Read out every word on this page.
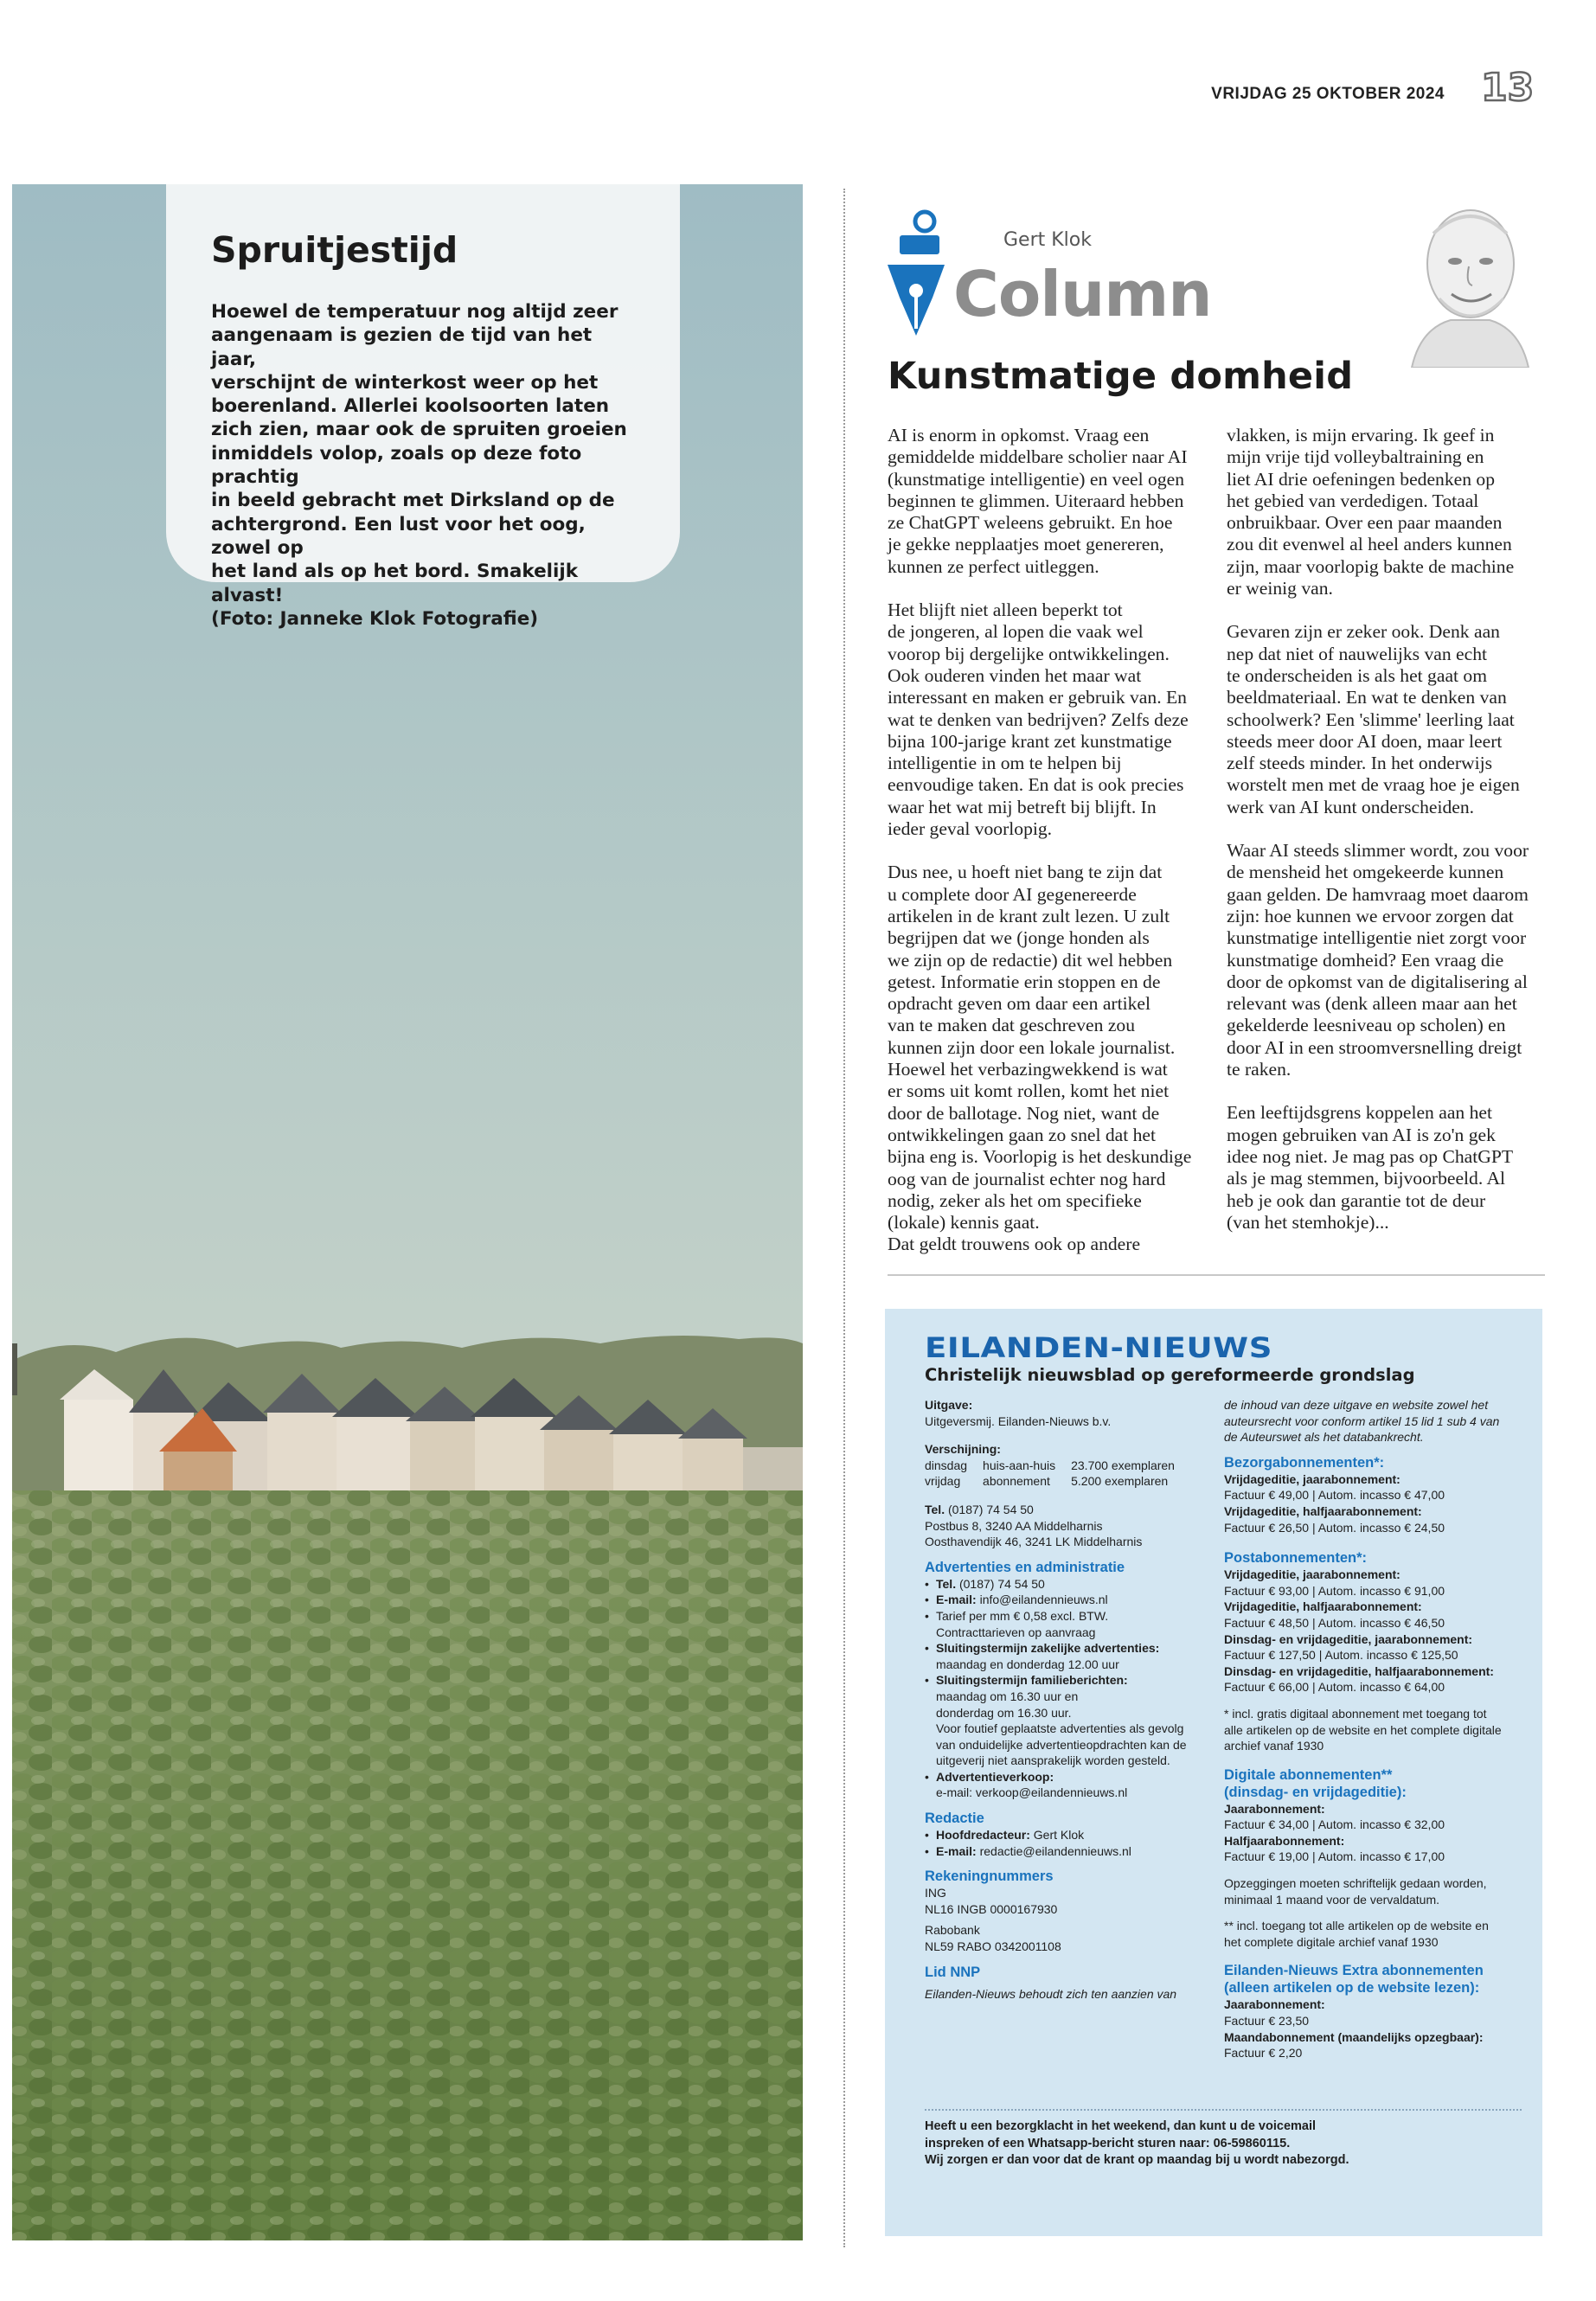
VRIJDAG 25 OKTOBER 2024 13
Spruitjestijd
Hoewel de temperatuur nog altijd zeer
aangenaam is gezien de tijd van het jaar,
verschijnt de winterkost weer op het
boerenland. Allerlei koolsoorten laten
zich zien, maar ook de spruiten groeien
inmiddels volop, zoals op deze foto prachtig
in beeld gebracht met Dirksland op de
achtergrond. Een lust voor het oog, zowel op
het land als op het bord. Smakelijk alvast!
(Foto: Janneke Klok Fotografie)
Gert Klok
Column
Kunstmatige domheid

AI is enorm in opkomst. Vraag een
gemiddelde middelbare scholier naar AI
(kunstmatige intelligentie) en veel ogen
beginnen te glimmen. Uiteraard hebben
ze ChatGPT weleens gebruikt. En hoe
je gekke nepplaatjes moet genereren,
kunnen ze perfect uitleggen.

Het blijft niet alleen beperkt tot
de jongeren, al lopen die vaak wel
voorop bij dergelijke ontwikkelingen.
Ook ouderen vinden het maar wat
interessant en maken er gebruik van. En
wat te denken van bedrijven? Zelfs deze
bijna 100-jarige krant zet kunstmatige
intelligentie in om te helpen bij
eenvoudige taken. En dat is ook precies
waar het wat mij betreft bij blijft. In
ieder geval voorlopig.

Dus nee, u hoeft niet bang te zijn dat
u complete door AI gegenereerde
artikelen in de krant zult lezen. U zult
begrijpen dat we (jonge honden als
we zijn op de redactie) dit wel hebben
getest. Informatie erin stoppen en de
opdracht geven om daar een artikel
van te maken dat geschreven zou
kunnen zijn door een lokale journalist.
Hoewel het verbazingwekkend is wat
er soms uit komt rollen, komt het niet
door de ballotage. Nog niet, want de
ontwikkelingen gaan zo snel dat het
bijna eng is. Voorlopig is het deskundige
oog van de journalist echter nog hard
nodig, zeker als het om specifieke
(lokale) kennis gaat.
Dat geldt trouwens ook op andere

vlakken, is mijn ervaring. Ik geef in
mijn vrije tijd volleybaltraining en
liet AI drie oefeningen bedenken op
het gebied van verdedigen. Totaal
onbruikbaar. Over een paar maanden
zou dit evenwel al heel anders kunnen
zijn, maar voorlopig bakte de machine
er weinig van.

Gevaren zijn er zeker ook. Denk aan
nep dat niet of nauwelijks van echt
te onderscheiden is als het gaat om
beeldmateriaal. En wat te denken van
schoolwerk? Een 'slimme' leerling laat
steeds meer door AI doen, maar leert
zelf steeds minder. In het onderwijs
worstelt men met de vraag hoe je eigen
werk van AI kunt onderscheiden.

Waar AI steeds slimmer wordt, zou voor
de mensheid het omgekeerde kunnen
gaan gelden. De hamvraag moet daarom
zijn: hoe kunnen we ervoor zorgen dat
kunstmatige intelligentie niet zorgt voor
kunstmatige domheid? Een vraag die
door de opkomst van de digitalisering al
relevant was (denk alleen maar aan het
gekelderde leesniveau op scholen) en
door AI in een stroomversnelling dreigt
te raken.

Een leeftijdsgrens koppelen aan het
mogen gebruiken van AI is zo'n gek
idee nog niet. Je mag pas op ChatGPT
als je mag stemmen, bijvoorbeeld. Al
heb je ook dan garantie tot de deur
(van het stemhokje)...

EILANDEN-NIEUWS
Christelijk nieuwsblad op gereformeerde grondslag
Uitgave:
Uitgeversmij. Eilanden-Nieuws b.v.
Verschijning:
dinsdag	huis-aan-huis	23.700 exemplaren
vrijdag	abonnement	5.200 exemplaren
Tel. (0187) 74 54 50
Postbus 8, 3240 AA Middelharnis
Oosthavendijk 46, 3241 LK Middelharnis
Advertenties en administratie
• Tel. (0187) 74 54 50
• E-mail: info@eilandennieuws.nl
• Tarief per mm € 0,58 excl. BTW.
Contracttarieven op aanvraag
• Sluitingstermijn zakelijke advertenties:
maandag en donderdag 12.00 uur
• Sluitingstermijn familieberichten:
maandag om 16.30 uur en
donderdag om 16.30 uur.
Voor foutief geplaatste advertenties als gevolg
van onduidelijke advertentieopdrachten kan de
uitgeverij niet aansprakelijk worden gesteld.
• Advertentieverkoop:
e-mail: verkoop@eilandennieuws.nl
Redactie
• Hoofdredacteur: Gert Klok
• E-mail: redactie@eilandennieuws.nl
Rekeningnummers
ING
NL16 INGB 0000167930
Rabobank
NL59 RABO 0342001108
Lid NNP
Eilanden-Nieuws behoudt zich ten aanzien van
de inhoud van deze uitgave en website zowel het
auteursrecht voor conform artikel 15 lid 1 sub 4 van
de Auteurswet als het databankrecht.
Bezorgabonnementen*:
Vrijdageditie, jaarabonnement:
Factuur € 49,00 | Autom. incasso € 47,00
Vrijdageditie, halfjaarabonnement:
Factuur € 26,50 | Autom. incasso € 24,50
Postabonnementen*:
Vrijdageditie, jaarabonnement:
Factuur € 93,00 | Autom. incasso € 91,00
Vrijdageditie, halfjaarabonnement:
Factuur € 48,50 | Autom. incasso € 46,50
Dinsdag- en vrijdageditie, jaarabonnement:
Factuur € 127,50 | Autom. incasso € 125,50
Dinsdag- en vrijdageditie, halfjaarabonnement:
Factuur € 66,00 | Autom. incasso € 64,00
* incl. gratis digitaal abonnement met toegang tot
alle artikelen op de website en het complete digitale
archief vanaf 1930
Digitale abonnementen**
(dinsdag- en vrijdageditie):
Jaarabonnement:
Factuur € 34,00 | Autom. incasso € 32,00
Halfjaarabonnement:
Factuur € 19,00 | Autom. incasso € 17,00
Opzeggingen moeten schriftelijk gedaan worden,
minimaal 1 maand voor de vervaldatum.
** incl. toegang tot alle artikelen op de website en
het complete digitale archief vanaf 1930
Eilanden-Nieuws Extra abonnementen
(alleen artikelen op de website lezen):
Jaarabonnement:
Factuur € 23,50
Maandabonnement (maandelijks opzegbaar):
Factuur € 2,20
Heeft u een bezorgklacht in het weekend, dan kunt u de voicemail
inspreken of een Whatsapp-bericht sturen naar: 06-59860115.
Wij zorgen er dan voor dat de krant op maandag bij u wordt nabezorgd.
